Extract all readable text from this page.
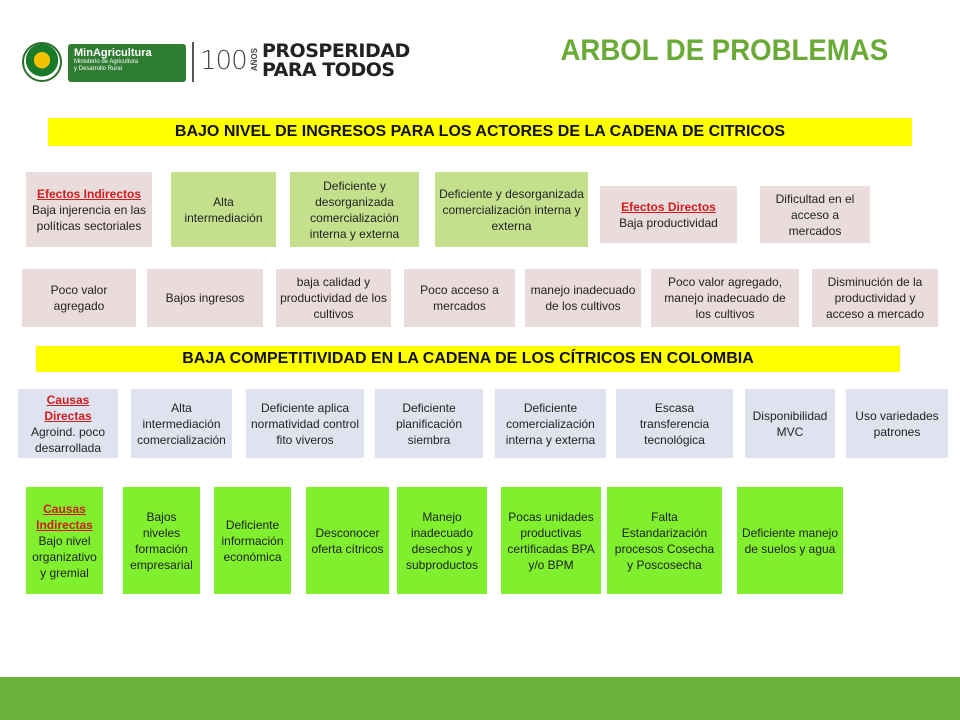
MinAgricultura
Ministerio de Agricultura
y Desarrollo Rural	100 AÑOS PROSPERIDAD
PARA TODOS
ARBOL DE PROBLEMAS
BAJO NIVEL DE INGRESOS PARA LOS ACTORES DE LA CADENA DE CITRICOS
Efectos Indirectos
Baja injerencia en las políticas sectoriales
Alta intermediación
Deficiente y desorganizada comercialización interna y externa
Deficiente y desorganizada comercialización interna y externa
Efectos Directos
Baja productividad
Dificultad en el acceso a mercados
Poco valor agregado
Bajos ingresos
baja calidad y productividad de los cultivos
Poco acceso a mercados
manejo inadecuado de los cultivos
Poco valor agregado, manejo inadecuado de los cultivos
Disminución de la productividad y acceso a mercado
BAJA COMPETITIVIDAD EN LA CADENA DE LOS CÍTRICOS EN COLOMBIA
Causas Directas
Agroind. poco desarrollada
Alta intermediación comercialización
Deficiente aplica normatividad control fito viveros
Deficiente planificación siembra
Deficiente comercialización interna y externa
Escasa transferencia tecnológica
Disponibilidad MVC
Uso variedades patrones
Causas Indirectas
Bajo nivel organizativo y gremial
Bajos niveles formación empresarial
Deficiente información económica
Desconocer oferta cítricos
Manejo inadecuado desechos y subproductos
Pocas unidades productivas certificadas BPA y/o BPM
Falta Estandarización procesos Cosecha y Poscosecha
Deficiente manejo de suelos y agua
